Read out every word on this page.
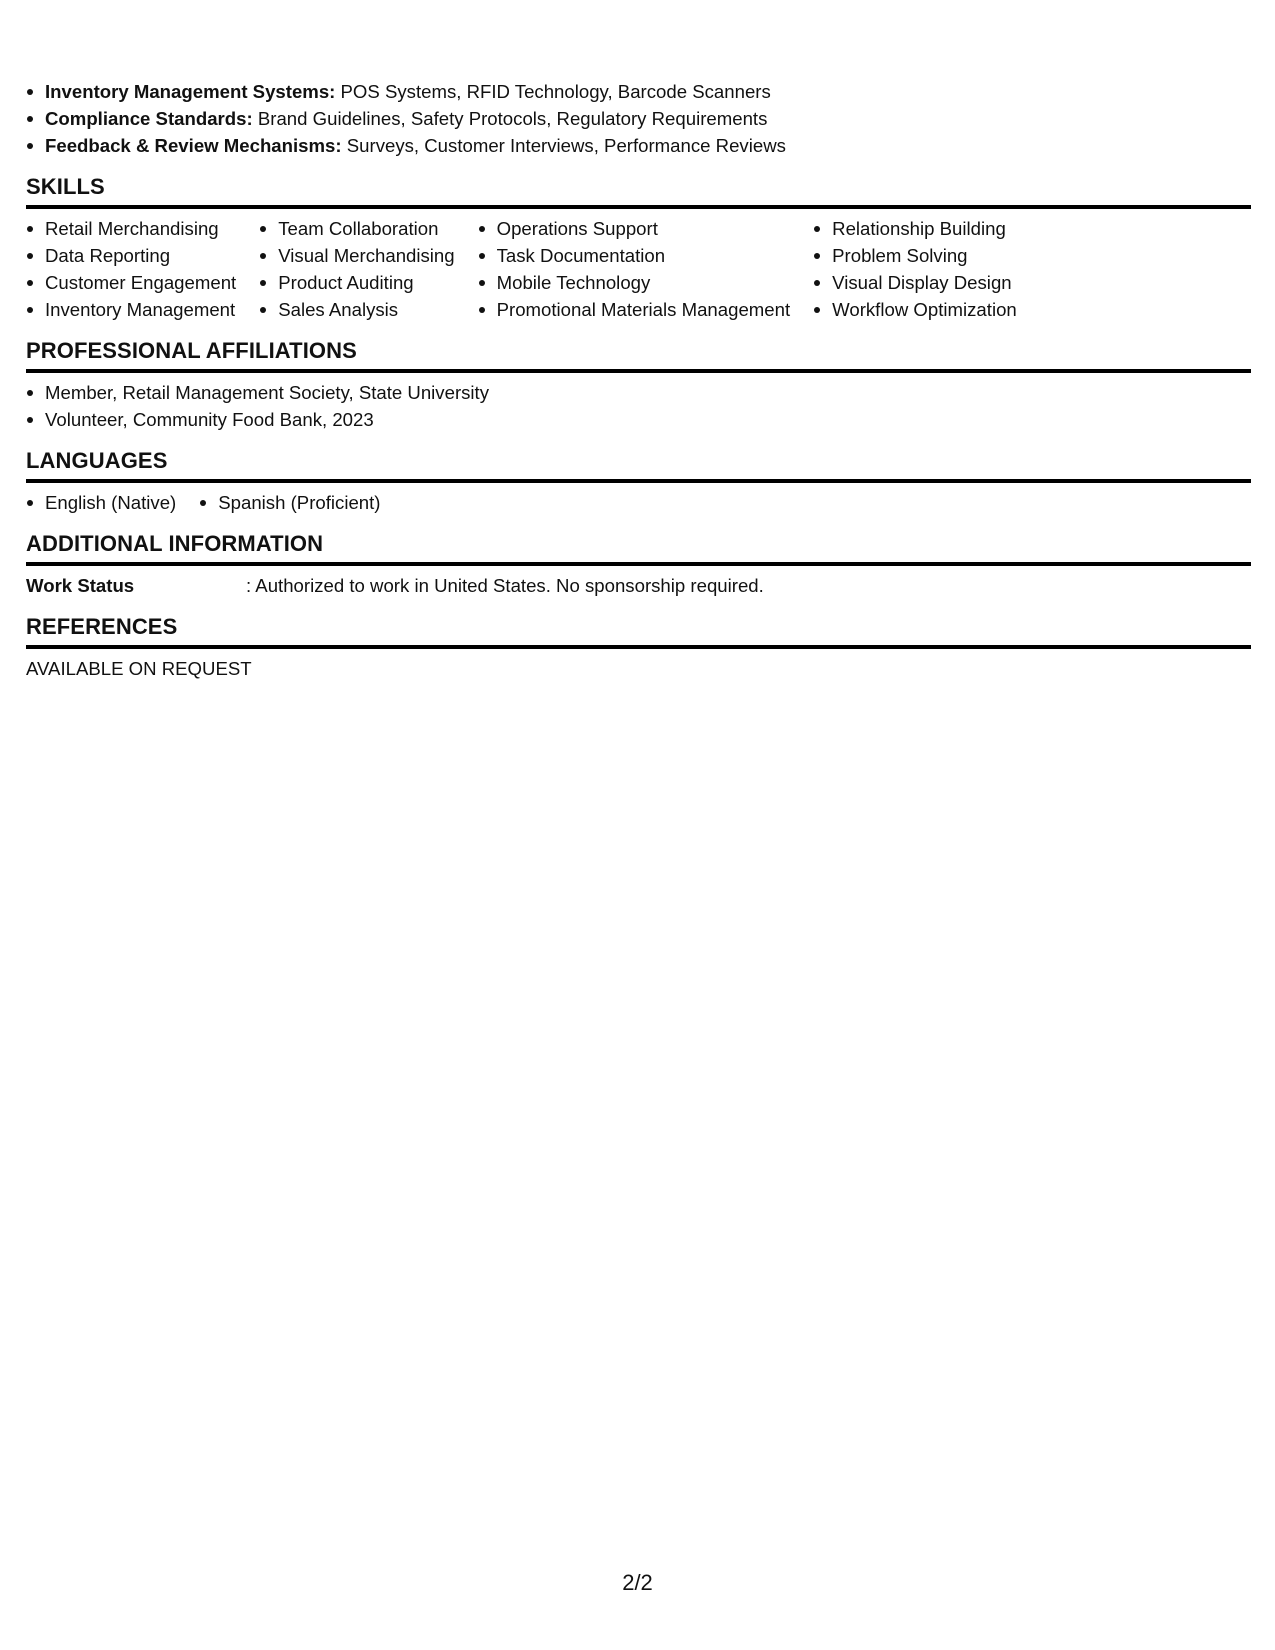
Inventory Management Systems: POS Systems, RFID Technology, Barcode Scanners
Compliance Standards: Brand Guidelines, Safety Protocols, Regulatory Requirements
Feedback & Review Mechanisms: Surveys, Customer Interviews, Performance Reviews
SKILLS
Retail Merchandising
Data Reporting
Customer Engagement
Inventory Management
Team Collaboration
Visual Merchandising
Product Auditing
Sales Analysis
Operations Support
Task Documentation
Mobile Technology
Promotional Materials Management
Relationship Building
Problem Solving
Visual Display Design
Workflow Optimization
PROFESSIONAL AFFILIATIONS
Member, Retail Management Society, State University
Volunteer, Community Food Bank, 2023
LANGUAGES
English (Native)	Spanish (Proficient)
ADDITIONAL INFORMATION
Work Status	: Authorized to work in United States. No sponsorship required.
REFERENCES
AVAILABLE ON REQUEST
2/2
